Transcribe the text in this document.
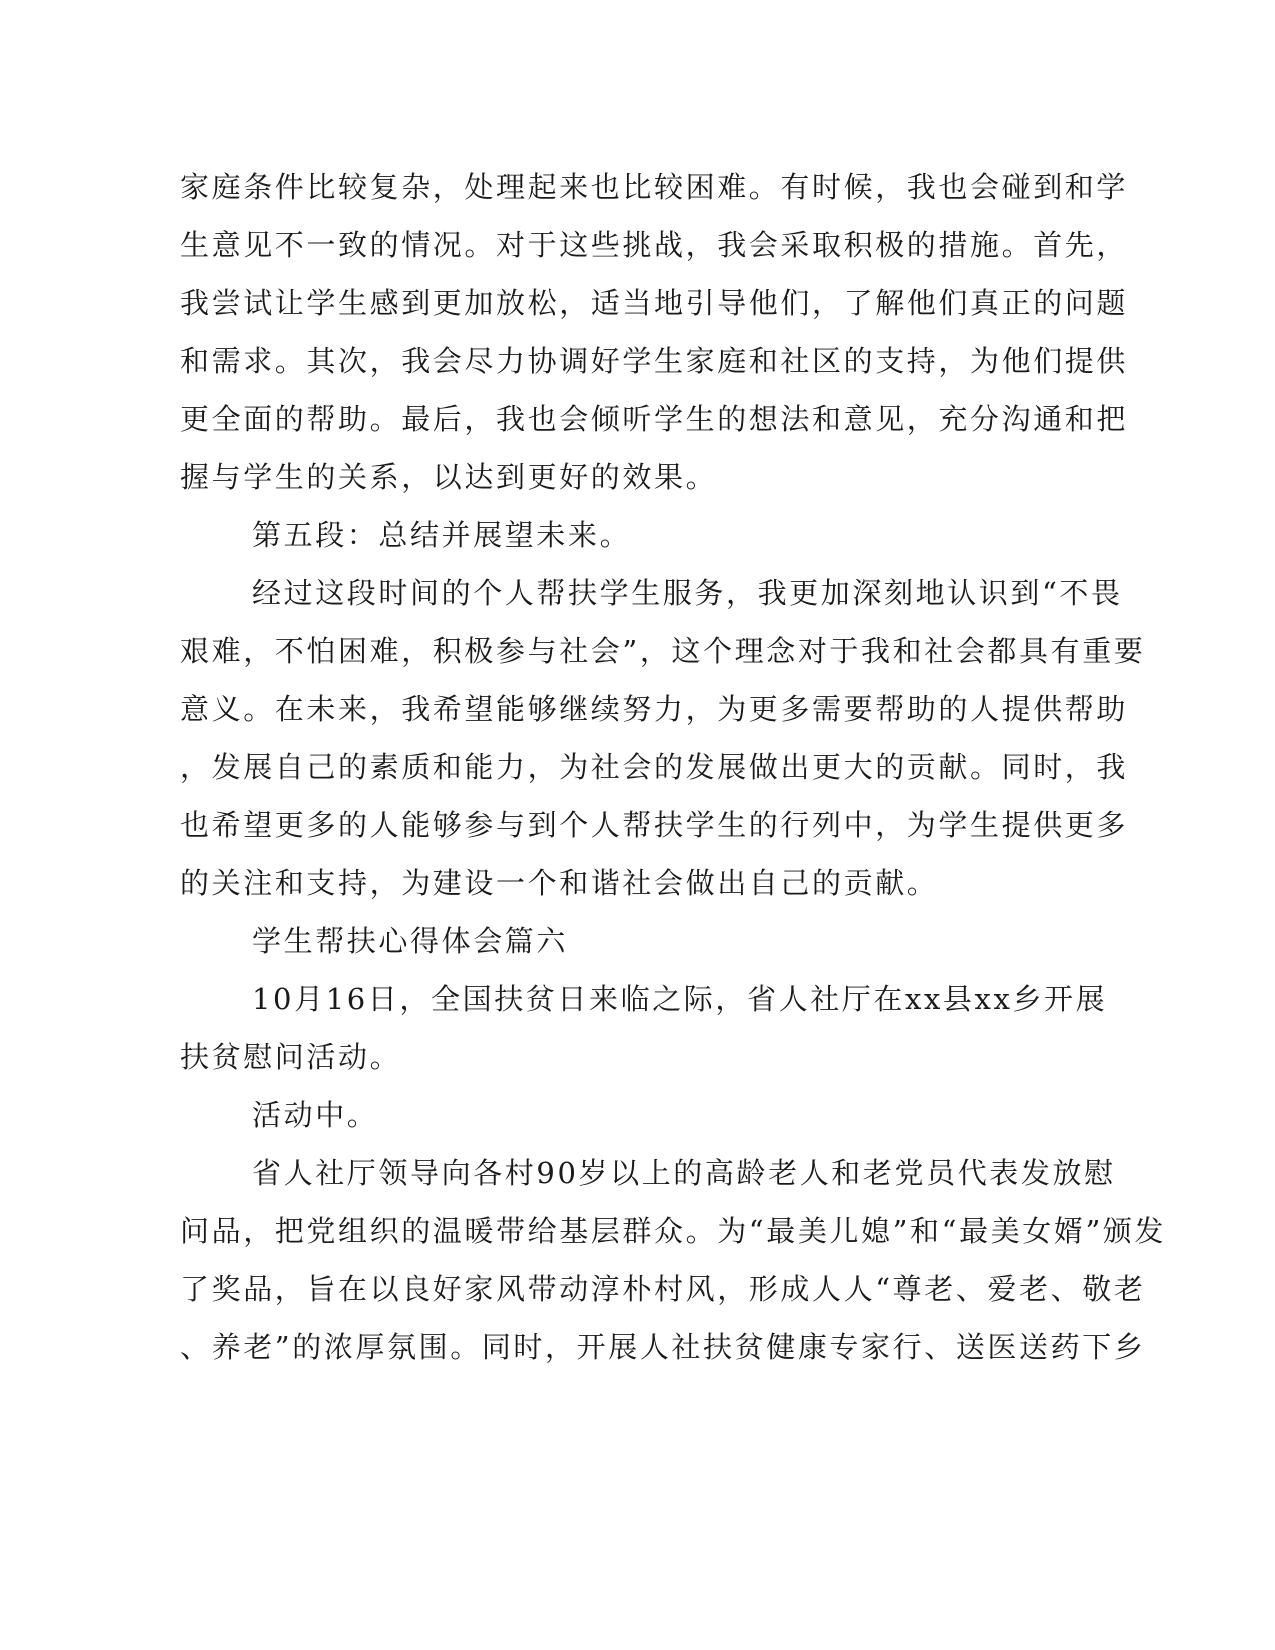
家庭条件比较复杂，处理起来也比较困难。有时候，我也会碰到和学
生意见不一致的情况。对于这些挑战，我会采取积极的措施。首先，
我尝试让学生感到更加放松，适当地引导他们，了解他们真正的问题
和需求。其次，我会尽力协调好学生家庭和社区的支持，为他们提供
更全面的帮助。最后，我也会倾听学生的想法和意见，充分沟通和把
握与学生的关系，以达到更好的效果。
第五段：总结并展望未来。
经过这段时间的个人帮扶学生服务，我更加深刻地认识到“不畏
艰难，不怕困难，积极参与社会”，这个理念对于我和社会都具有重要
意义。在未来，我希望能够继续努力，为更多需要帮助的人提供帮助
，发展自己的素质和能力，为社会的发展做出更大的贡献。同时，我
也希望更多的人能够参与到个人帮扶学生的行列中，为学生提供更多
的关注和支持，为建设一个和谐社会做出自己的贡献。
学生帮扶心得体会篇六
10月16日，全国扶贫日来临之际，省人社厅在xx县xx乡开展
扶贫慰问活动。
活动中。
省人社厅领导向各村90岁以上的高龄老人和老党员代表发放慰
问品，把党组织的温暖带给基层群众。为“最美儿媳”和“最美女婿”颁发
了奖品，旨在以良好家风带动淳朴村风，形成人人“尊老、爱老、敬老
、养老”的浓厚氛围。同时，开展人社扶贫健康专家行、送医送药下乡
